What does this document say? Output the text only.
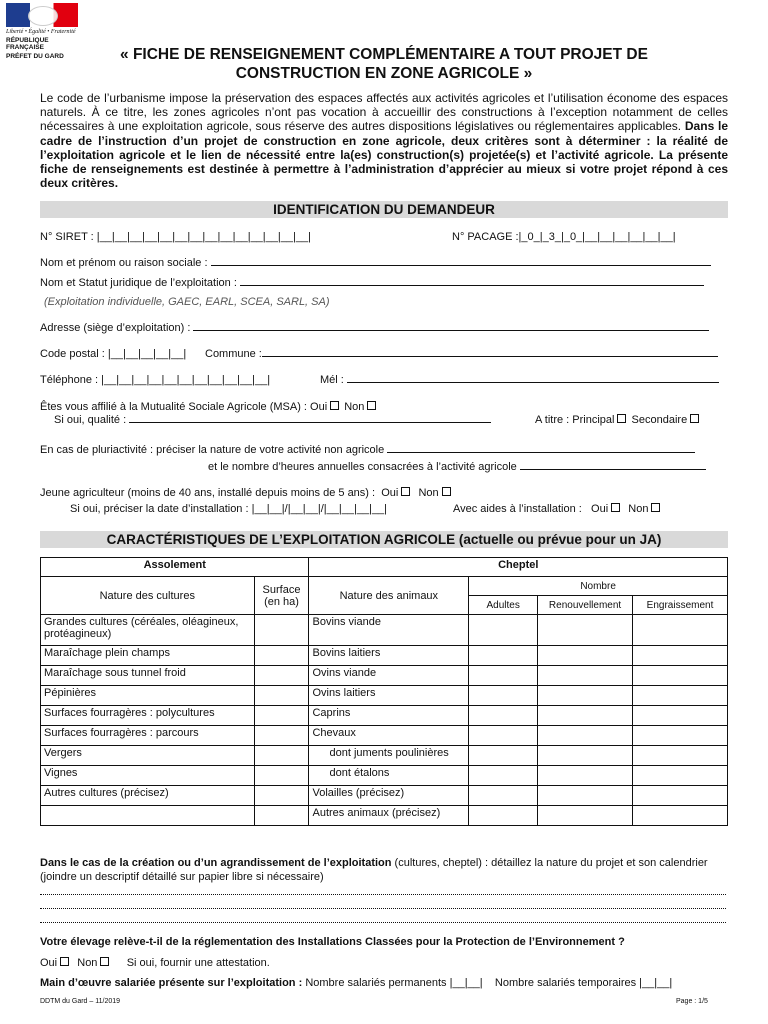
Liberté • Égalité • Fraternité
RÉPUBLIQUE FRANÇAISE
PRÉFET DU GARD	« FICHE DE RENSEIGNEMENT COMPLÉMENTAIRE A TOUT PROJET DE
CONSTRUCTION EN ZONE AGRICOLE »
Le code de l’urbanisme impose la préservation des espaces affectés aux activités agricoles et l’utilisation économe des espaces naturels. À ce titre, les zones agricoles n’ont pas vocation à accueillir des constructions à l’exception notamment de celles nécessaires à une exploitation agricole, sous réserve des autres dispositions législatives ou réglementaires applicables. Dans le cadre de l’instruction d’un projet de construction en zone agricole, deux critères sont à déterminer : la réalité de l’exploitation agricole et le lien de nécessité entre la(es) construction(s) projetée(s) et l’activité agricole. La présente fiche de renseignements est destinée à permettre à l’administration d’apprécier au mieux si votre projet répond à ces deux critères.
IDENTIFICATION DU DEMANDEUR
N° SIRET : |__|__|__|__|__|__|__|__|__|__|__|__|__|__|	N° PACAGE :|_0_|_3_|_0_|__|__|__|__|__|__|
Nom et prénom ou raison sociale :
Nom et Statut juridique de l’exploitation :
(Exploitation individuelle, GAEC, EARL, SCEA, SARL, SA)
Adresse (siège d’exploitation) :
Code postal : |__|__|__|__|__| Commune :
Téléphone : |__|__|__|__|__|__|__|__|__|__|__|	Mél :
Êtes vous affilié à la Mutualité Sociale Agricole (MSA) : Oui Non
Si oui, qualité :	A titre : Principal Secondaire
En cas de pluriactivité : préciser la nature de votre activité non agricole
et le nombre d’heures annuelles consacrées à l’activité agricole
Jeune agriculteur (moins de 40 ans, installé depuis moins de 5 ans) : Oui Non
Si oui, préciser la date d’installation : |__|__|/|__|__|/|__|__|__|__|	Avec aides à l’installation : Oui Non
CARACTÉRISTIQUES DE L’EXPLOITATION AGRICOLE (actuelle ou prévue pour un JA)
Assolement		Cheptel			
Nature des cultures	Surface (en ha)	Nature des animaux	Nombre		
			Adultes	Renouvellement	Engraissement
Grandes cultures (céréales, oléagineux, protéagineux)		Bovins viande			
Maraîchage plein champs		Bovins laitiers			
Maraîchage sous tunnel froid		Ovins viande			
Pépinières		Ovins laitiers			
Surfaces fourragères : polycultures		Caprins			
Surfaces fourragères : parcours		Chevaux			
Vergers		dont juments poulinières			
Vignes		dont étalons			
Autres cultures (précisez)		Volailles (précisez)			
		Autres animaux (précisez)			
Dans le cas de la création ou d’un agrandissement de l’exploitation (cultures, cheptel) : détaillez la nature du projet et son calendrier (joindre un descriptif détaillé sur papier libre si nécessaire)
Votre élevage relève-t-il de la réglementation des Installations Classées pour la Protection de l’Environnement ?
Oui Non	Si oui, fournir une attestation.
Main d’œuvre salariée présente sur l’exploitation : Nombre salariés permanents |__|__| Nombre salariés temporaires |__|__|
DDTM du Gard – 11/2019	Page : 1/5
